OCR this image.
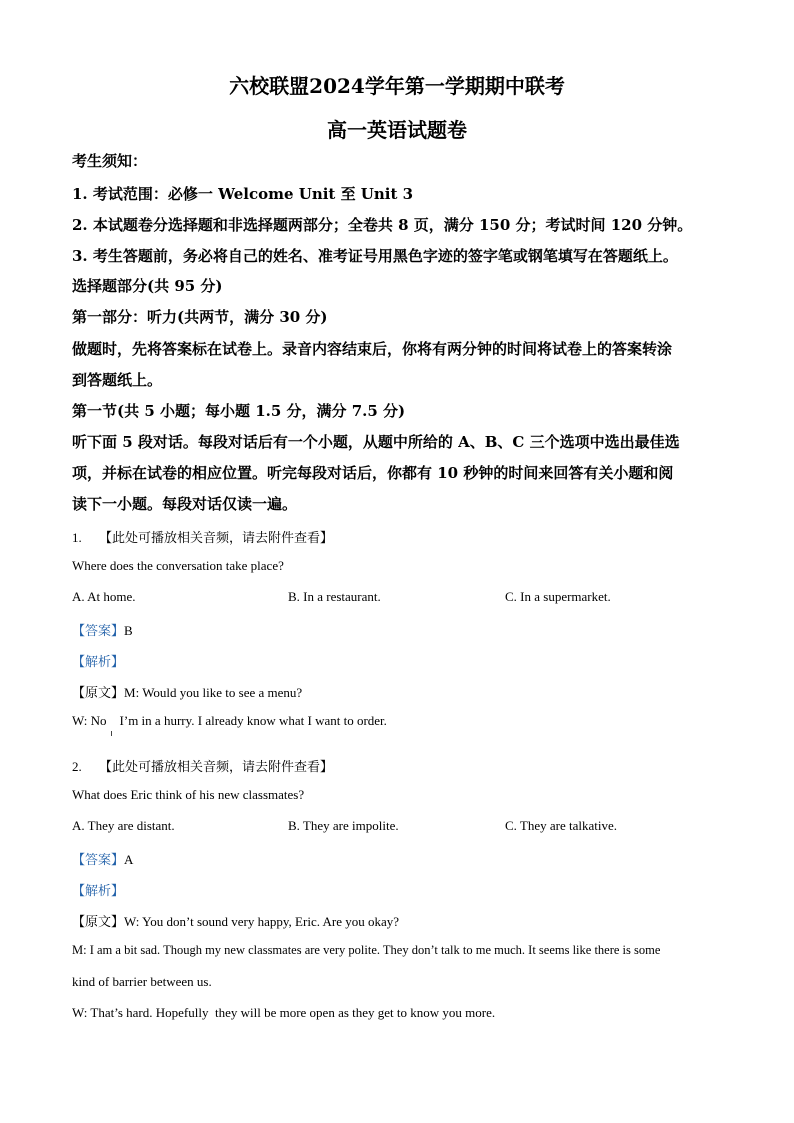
六校联盟2024学年第一学期期中联考
高一英语试题卷
考生须知：
1. 考试范围：必修一 Welcome Unit 至 Unit 3
2. 本试题卷分选择题和非选择题两部分；全卷共 8 页，满分 150 分；考试时间 120 分钟。
3. 考生答题前，务必将自己的姓名、准考证号用黑色字迹的签字笔或钢笔填写在答题纸上。
选择题部分(共 95 分)
第一部分：听力(共两节，满分 30 分)
做题时，先将答案标在试卷上。录音内容结束后，你将有两分钟的时间将试卷上的答案转涂
到答题纸上。
第一节(共 5 小题；每小题 1.5 分，满分 7.5 分)
听下面 5 段对话。每段对话后有一个小题，从题中所给的 A、B、C 三个选项中选出最佳选
项，并标在试卷的相应位置。听完每段对话后，你都有 10 秒钟的时间来回答有关小题和阅
读下一小题。每段对话仅读一遍。
1. 【此处可播放相关音频，请去附件查看】
Where does the conversation take place?
A. At home.	B. In a restaurant.	C. In a supermarket.
【答案】B
【解析】
【原文】M: Would you like to see a menu?
W: No    I’m in a hurry. I already know what I want to order.
2. 【此处可播放相关音频，请去附件查看】
What does Eric think of his new classmates?
A. They are distant.	B. They are impolite.	C. They are talkative.
【答案】A
【解析】
【原文】W: You don’t sound very happy, Eric. Are you okay?
M: I am a bit sad. Though my new classmates are very polite. They don’t talk to me much. It seems like there is some
kind of barrier between us.
W: That’s hard. Hopefully  they will be more open as they get to know you more.
